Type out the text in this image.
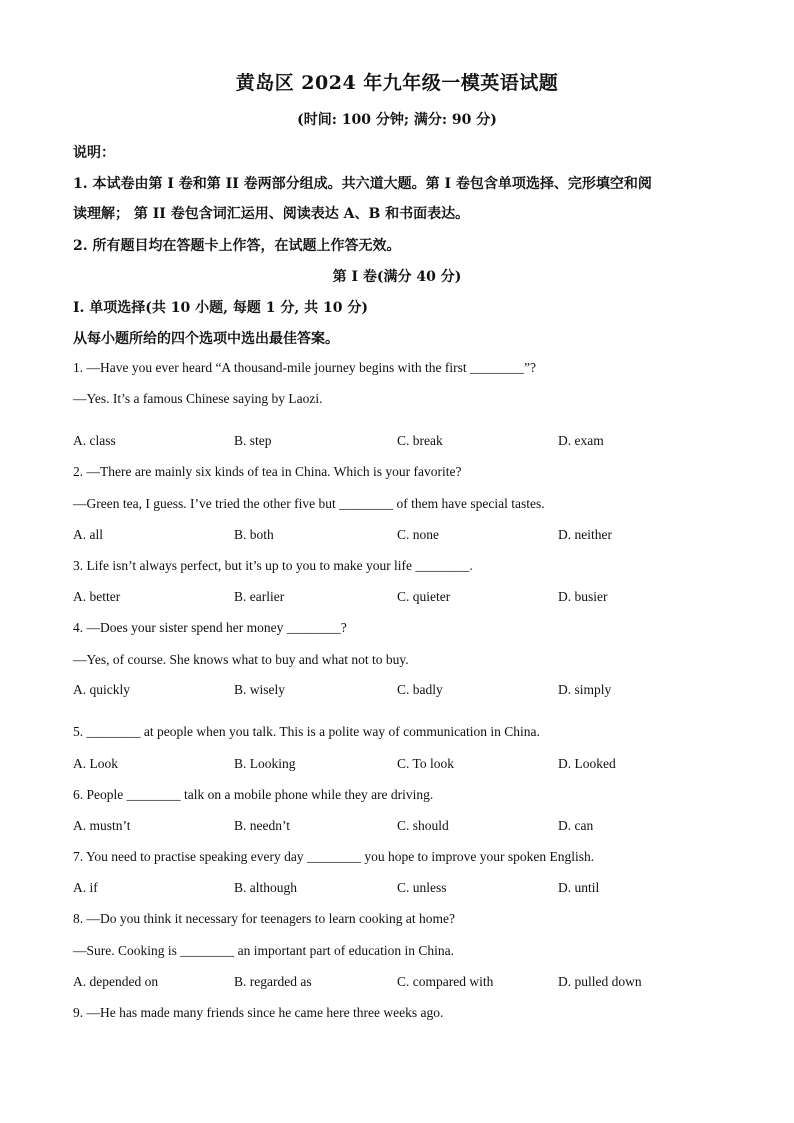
黄岛区 2024 年九年级一模英语试题
(时间: 100 分钟; 满分: 90 分)
说明：
1. 本试卷由第 I 卷和第 II 卷两部分组成。共六道大题。第 I 卷包含单项选择、完形填空和阅
读理解； 第 II 卷包含词汇运用、阅读表达 A、B 和书面表达。
2. 所有题目均在答题卡上作答，在试题上作答无效。
第 I 卷(满分 40 分)
I. 单项选择(共 10 小题, 每题 1 分, 共 10 分)
从每小题所给的四个选项中选出最佳答案。
1. —Have you ever heard “A thousand-mile journey begins with the first ________”?
—Yes. It’s a famous Chinese saying by Laozi.
A. class	B. step	C. break	D. exam
2. —There are mainly six kinds of tea in China. Which is your favorite?
—Green tea, I guess. I’ve tried the other five but ________ of them have special tastes.
A. all	B. both	C. none	D. neither
3. Life isn’t always perfect, but it’s up to you to make your life ________.
A. better	B. earlier	C. quieter	D. busier
4. —Does your sister spend her money ________?
—Yes, of course. She knows what to buy and what not to buy.
A. quickly	B. wisely	C. badly	D. simply
5. ________ at people when you talk. This is a polite way of communication in China.
A. Look	B. Looking	C. To look	D. Looked
6. People ________ talk on a mobile phone while they are driving.
A. mustn’t	B. needn’t	C. should	D. can
7. You need to practise speaking every day ________ you hope to improve your spoken English.
A. if	B. although	C. unless	D. until
8. —Do you think it necessary for teenagers to learn cooking at home?
—Sure. Cooking is ________ an important part of education in China.
A. depended on	B. regarded as	C. compared with	D. pulled down
9. —He has made many friends since he came here three weeks ago.
